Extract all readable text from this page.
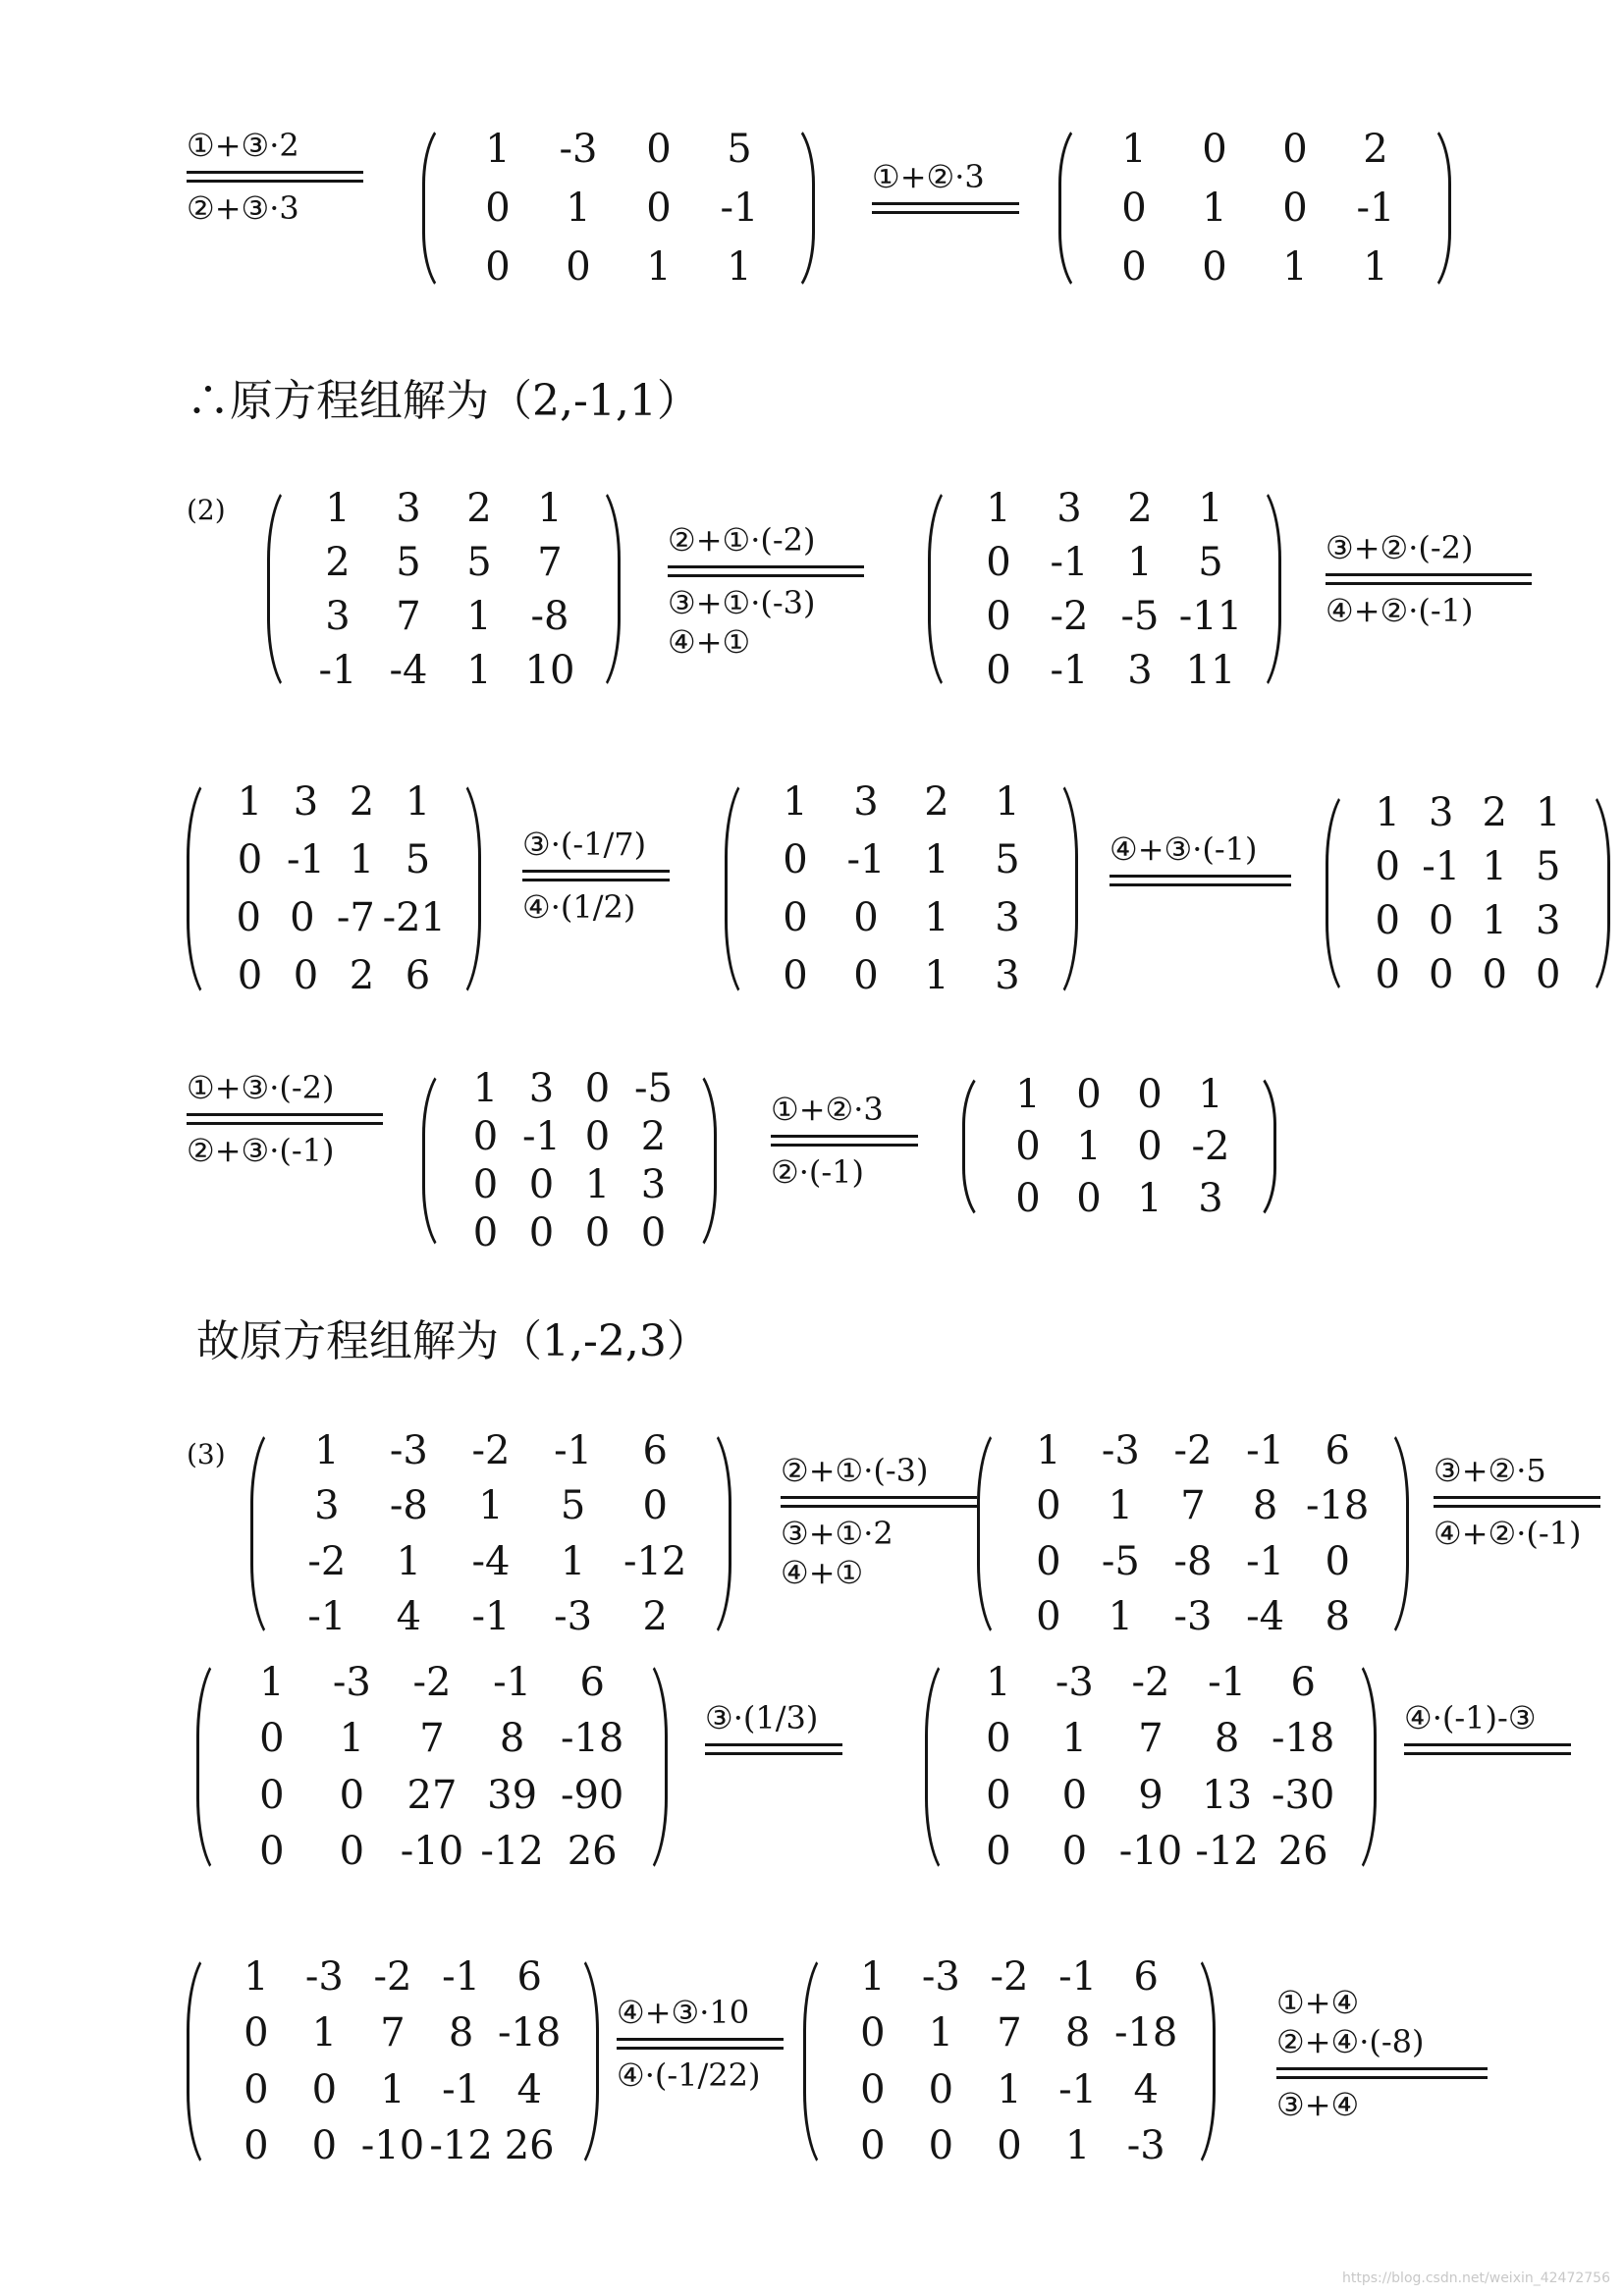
①+③·2
②+③·3
1	-3	0	5
0	1	0	-1
0	0	1	1
①+②·3
1	0	0	2
0	1	0	-1
0	0	1	1
∴原方程组解为（2,-1,1）
(2)	1	3	2	1
2	5	5	7
3	7	1 -8
-1 -4 1 10
②+①·(-2)
③+①·(-3)
④+①
1	3	2	1
0 -1 1	5
0 -2 -5 -11
0 -1 3 11
③+②·(-2)
④+②·(-1)
1 3 2 1
0 -1 1 5
0 0 -7 -21
0 0 2 6
③·(-1/7)
④·(1/2)
1	3	2	1
0 -1 1	5
0	0	1	3
0	0	1	3
④+③·(-1)
1 3 2 1
0 -1 1 5
0 0 1 3
0 0 0 0
①+③·(-2)
②+③·(-1)
1 3 0 -5
0 -1 0 2
0 0 1 3
0 0 0 0
①+②·3
②·(-1)
1 0 0 1
0 1 0 -2
0 0 1 3
故原方程组解为（1,-2,3）
(3)	1	-3	-2	-1	6
3	-8	1	5	0
-2	1	-4	1 -12
-1	4	-1	-3	2
②+①·(-3)
③+①·2
④+①
1	-3 -2 -1	6
0	1	7	8 -18
0	-5 -8 -1	0
0	1	-3 -4	8
③+②·5
④+②·(-1)
1	-3	-2	-1	6
0	1	7	8 -18
0	0	27 39 -90
0	0 -10 -12 26
③·(1/3)
1	-3 -2 -1	6
0	1	7	8 -18
0	0	9 13 -30
0	0 -10 -12 26
④·(-1)-③
1 -3 -2 -1 6
0	1	7	8 -18
0	0	1 -1 4
0	0 -10 -12 26
④+③·10
④·(-1/22)
1 -3 -2 -1 6
0	1	7	8 -18
0	0	1 -1 4
0	0	0	1 -3
①+④
②+④·(-8)
③+④
https://blog.csdn.net/weixin_42472756
